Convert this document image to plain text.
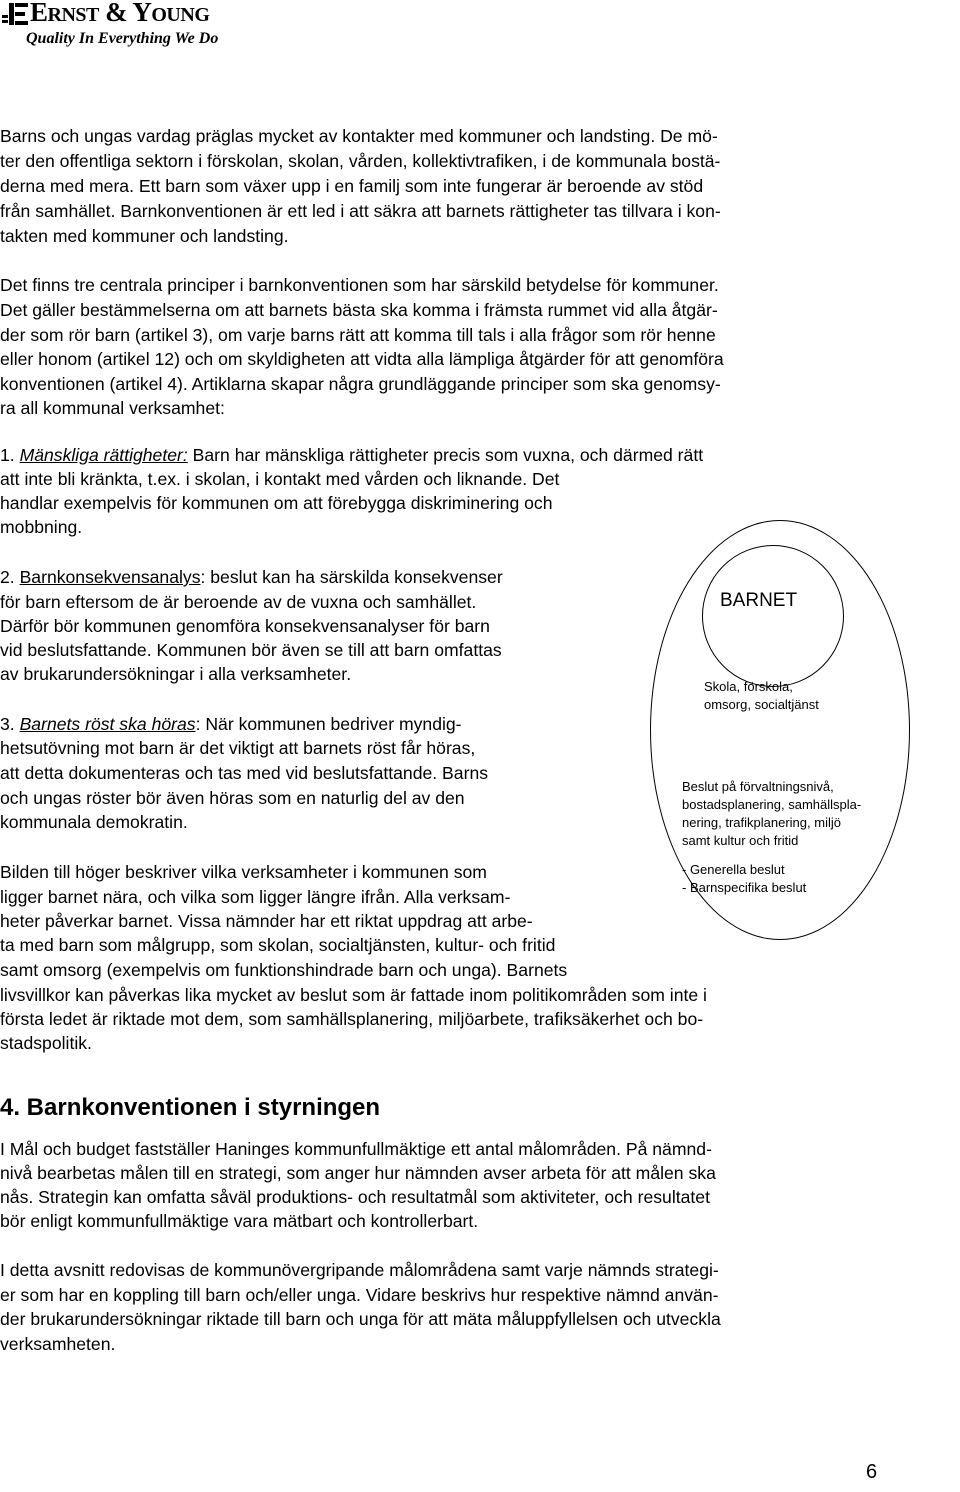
ERNST & YOUNG
Quality In Everything We Do
Barns och ungas vardag präglas mycket av kontakter med kommuner och landsting. De mö-
ter den offentliga sektorn i förskolan, skolan, vården, kollektivtrafiken, i de kommunala bostä-
derna med mera. Ett barn som växer upp i en familj som inte fungerar är beroende av stöd
från samhället. Barnkonventionen är ett led i att säkra att barnets rättigheter tas tillvara i kon-
takten med kommuner och landsting.
Det finns tre centrala principer i barnkonventionen som har särskild betydelse för kommuner.
Det gäller bestämmelserna om att barnets bästa ska komma i främsta rummet vid alla åtgär-
der som rör barn (artikel 3), om varje barns rätt att komma till tals i alla frågor som rör henne
eller honom (artikel 12) och om skyldigheten att vidta alla lämpliga åtgärder för att genomföra
konventionen (artikel 4). Artiklarna skapar några grundläggande principer som ska genomsy-
ra all kommunal verksamhet:
1. Mänskliga rättigheter: Barn har mänskliga rättigheter precis som vuxna, och därmed rätt
att inte bli kränkta, t.ex. i skolan, i kontakt med vården och liknande. Det
handlar exempelvis för kommunen om att förebygga diskriminering och
mobbning.
2. Barnkonsekvensanalys: beslut kan ha särskilda konsekvenser
för barn eftersom de är beroende av de vuxna och samhället.
Därför bör kommunen genomföra konsekvensanalyser för barn
vid beslutsfattande. Kommunen bör även se till att barn omfattas
av brukarundersökningar i alla verksamheter.
3. Barnets röst ska höras: När kommunen bedriver myndig-
hetsutövning mot barn är det viktigt att barnets röst får höras,
att detta dokumenteras och tas med vid beslutsfattande. Barns
och ungas röster bör även höras som en naturlig del av den
kommunala demokratin.
BARNET
Skola, förskola,
omsorg, socialtjänst
Beslut på förvaltningsnivå,
bostadsplanering, samhällspla-
nering, trafikplanering, miljö
samt kultur och fritid
- Generella beslut
- Barnspecifika beslut
Bilden till höger beskriver vilka verksamheter i kommunen som
ligger barnet nära, och vilka som ligger längre ifrån. Alla verksam-
heter påverkar barnet. Vissa nämnder har ett riktat uppdrag att arbe-
ta med barn som målgrupp, som skolan, socialtjänsten, kultur- och fritid
samt omsorg (exempelvis om funktionshindrade barn och unga). Barnets
livsvillkor kan påverkas lika mycket av beslut som är fattade inom politikområden som inte i
första ledet är riktade mot dem, som samhällsplanering, miljöarbete, trafiksäkerhet och bo-
stadspolitik.
4. Barnkonventionen i styrningen
I Mål och budget fastställer Haninges kommunfullmäktige ett antal målområden. På nämnd-
nivå bearbetas målen till en strategi, som anger hur nämnden avser arbeta för att målen ska
nås. Strategin kan omfatta såväl produktions- och resultatmål som aktiviteter, och resultatet
bör enligt kommunfullmäktige vara mätbart och kontrollerbart.
I detta avsnitt redovisas de kommunövergripande målområdena samt varje nämnds strategi-
er som har en koppling till barn och/eller unga. Vidare beskrivs hur respektive nämnd använ-
der brukarundersökningar riktade till barn och unga för att mäta måluppfyllelsen och utveckla
verksamheten.
6
